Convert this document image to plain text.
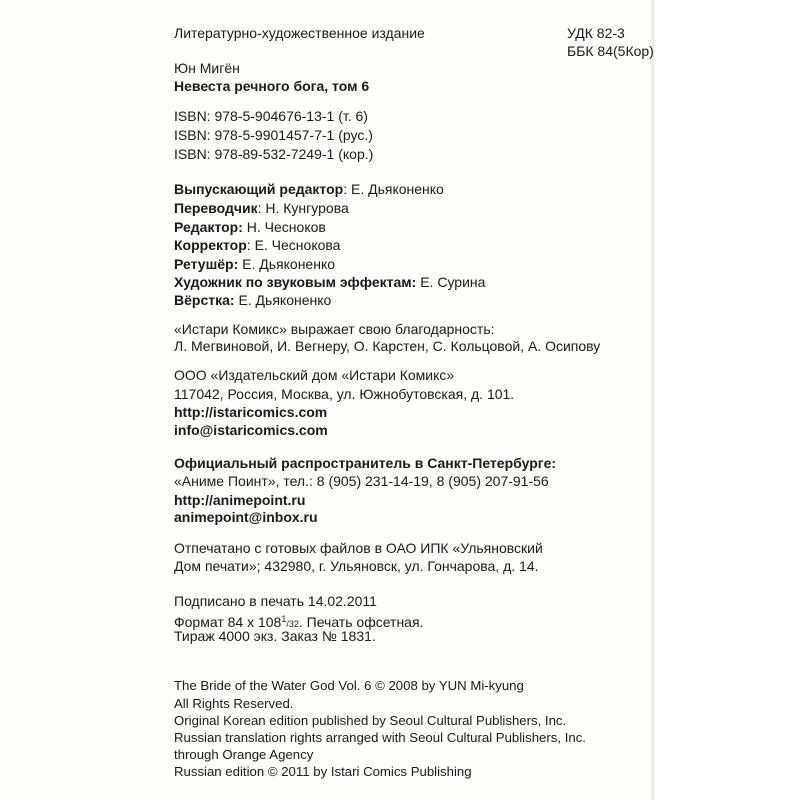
Литературно-художественное издание	УДК 82-3
ББК 84(5Кор)
Юн Мигён
Невеста речного бога, том 6
ISBN: 978-5-904676-13-1 (т. 6)
ISBN: 978-5-9901457-7-1 (рус.)
ISBN: 978-89-532-7249-1 (кор.)
Выпускающий редактор: Е. Дьяконенко
Переводчик: Н. Кунгурова
Редактор: Н. Чесноков
Корректор: Е. Чеснокова
Ретушёр: Е. Дьяконенко
Художник по звуковым эффектам: Е. Сурина
Вёрстка: Е. Дьяконенко
«Истари Комикс» выражает свою благодарность:
Л. Мегвиновой, И. Вегнеру, О. Карстен, С. Кольцовой, А. Осипову
ООО «Издательский дом «Истари Комикс»
117042, Россия, Москва, ул. Южнобутовская, д. 101.
http://istaricomics.com
info@istaricomics.com
Официальный распространитель в Санкт-Петербурге:
«Аниме Поинт», тел.: 8 (905) 231-14-19, 8 (905) 207-91-56
http://animepoint.ru
animepoint@inbox.ru
Отпечатано с готовых файлов в ОАО ИПК «Ульяновский
Дом печати»; 432980, г. Ульяновск, ул. Гончарова, д. 14.
Подписано в печать 14.02.2011
Формат 84 х $108^1/32$. Печать офсетная.
Тираж 4000 экз. Заказ № 1831.
The Bride of the Water God Vol. 6 © 2008 by YUN Mi-kyung
All Rights Reserved.
Original Korean edition published by Seoul Cultural Publishers, Inc.
Russian translation rights arranged with Seoul Cultural Publishers, Inc.
through Orange Agency
Russian edition © 2011 by Istari Comics Publishing
